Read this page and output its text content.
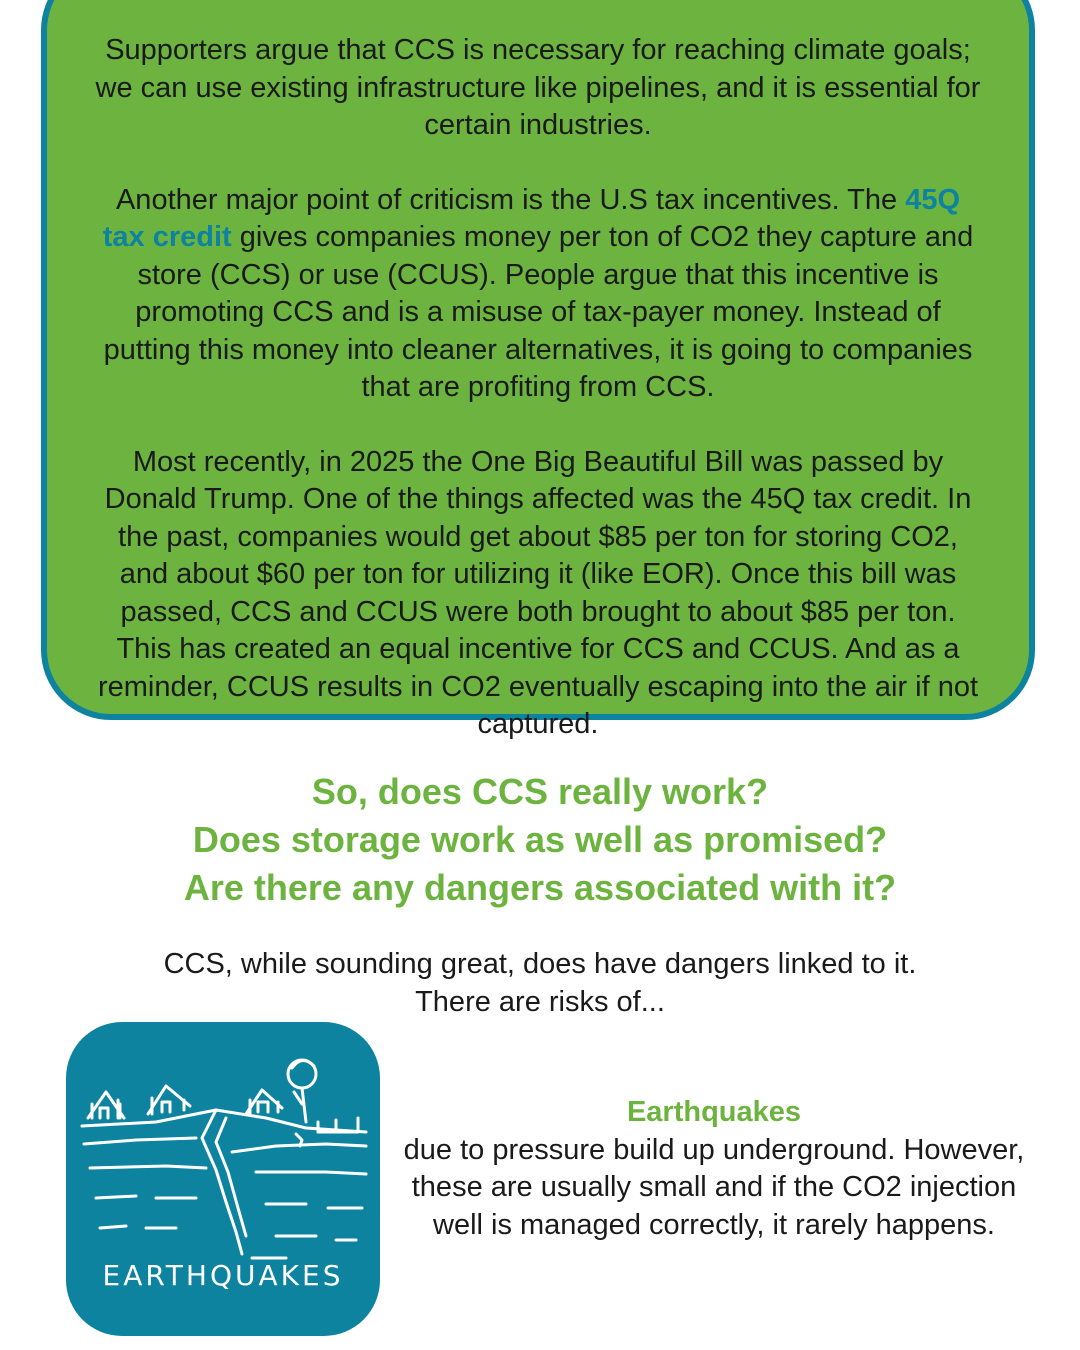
Supporters argue that CCS is necessary for reaching climate goals; we can use existing infrastructure like pipelines, and it is essential for certain industries.

Another major point of criticism is the U.S tax incentives. The 45Q tax credit gives companies money per ton of CO2 they capture and store (CCS) or use (CCUS). People argue that this incentive is promoting CCS and is a misuse of tax-payer money. Instead of putting this money into cleaner alternatives, it is going to companies that are profiting from CCS.

Most recently, in 2025 the One Big Beautiful Bill was passed by Donald Trump. One of the things affected was the 45Q tax credit. In the past, companies would get about $85 per ton for storing CO2, and about $60 per ton for utilizing it (like EOR). Once this bill was passed, CCS and CCUS were both brought to about $85 per ton. This has created an equal incentive for CCS and CCUS. And as a reminder, CCUS results in CO2 eventually escaping into the air if not captured.

So, does CCS really work?
Does storage work as well as promised?
Are there any dangers associated with it?
CCS, while sounding great, does have dangers linked to it.
There are risks of...
EARTHQUAKES
Earthquakes
due to pressure build up underground. However, these are usually small and if the CO2 injection well is managed correctly, it rarely happens.
